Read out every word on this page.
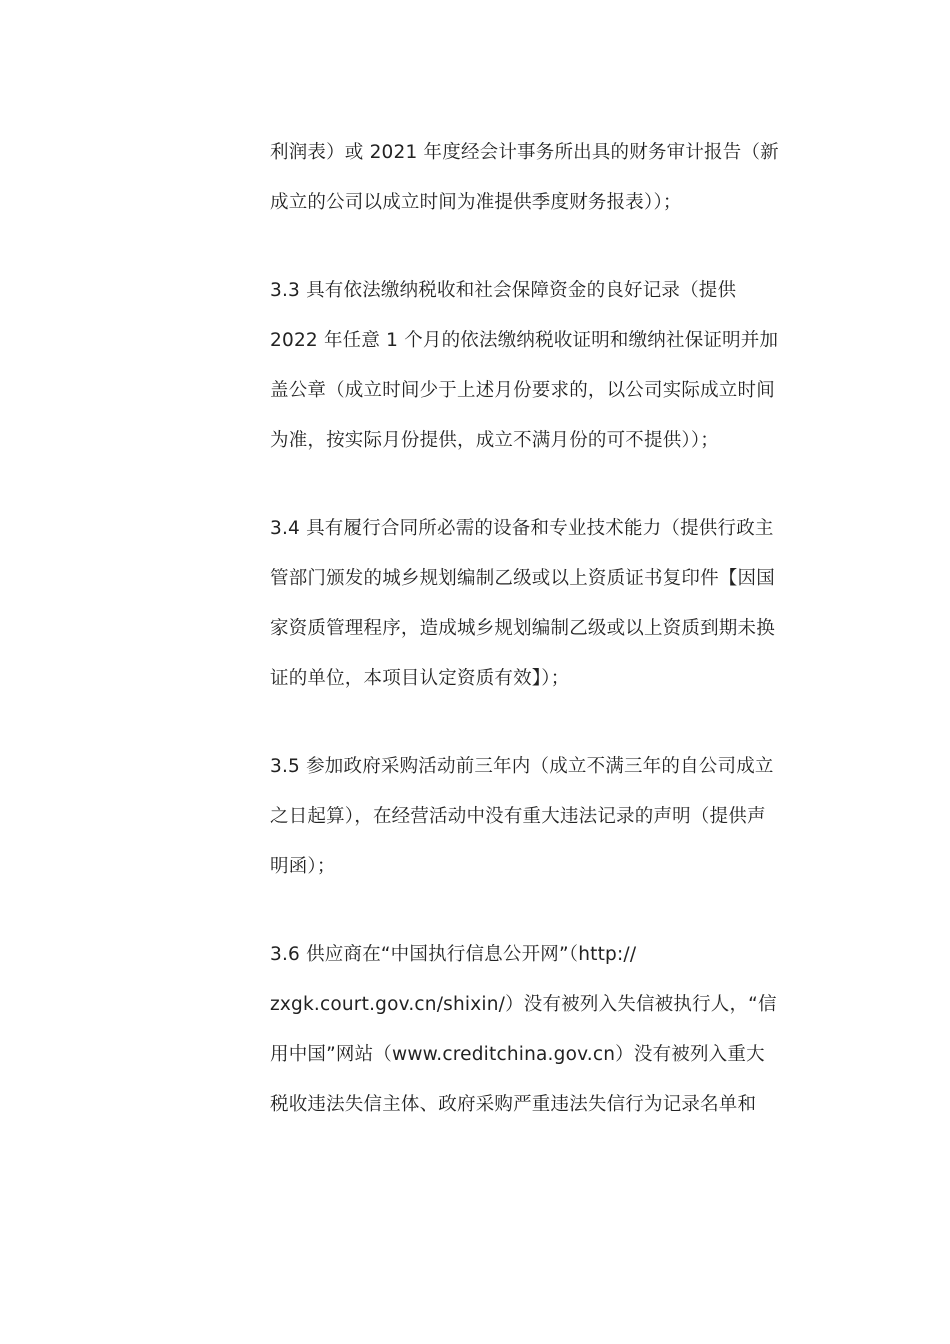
利润表）或 2021 年度经会计事务所出具的财务审计报告（新
成立的公司以成立时间为准提供季度财务报表））；
3.3 具有依法缴纳税收和社会保障资金的良好记录（提供
2022 年任意 1 个月的依法缴纳税收证明和缴纳社保证明并加
盖公章（成立时间少于上述月份要求的，以公司实际成立时间
为准，按实际月份提供，成立不满月份的可不提供））；
3.4 具有履行合同所必需的设备和专业技术能力（提供行政主
管部门颁发的城乡规划编制乙级或以上资质证书复印件【因国
家资质管理程序，造成城乡规划编制乙级或以上资质到期未换
证的单位，本项目认定资质有效】）；
3.5 参加政府采购活动前三年内（成立不满三年的自公司成立
之日起算），在经营活动中没有重大违法记录的声明（提供声
明函）；
3.6 供应商在“中国执行信息公开网”（http://
zxgk.court.gov.cn/shixin/）没有被列入失信被执行人，“信
用中国”网站（www.creditchina.gov.cn）没有被列入重大
税收违法失信主体、政府采购严重违法失信行为记录名单和
